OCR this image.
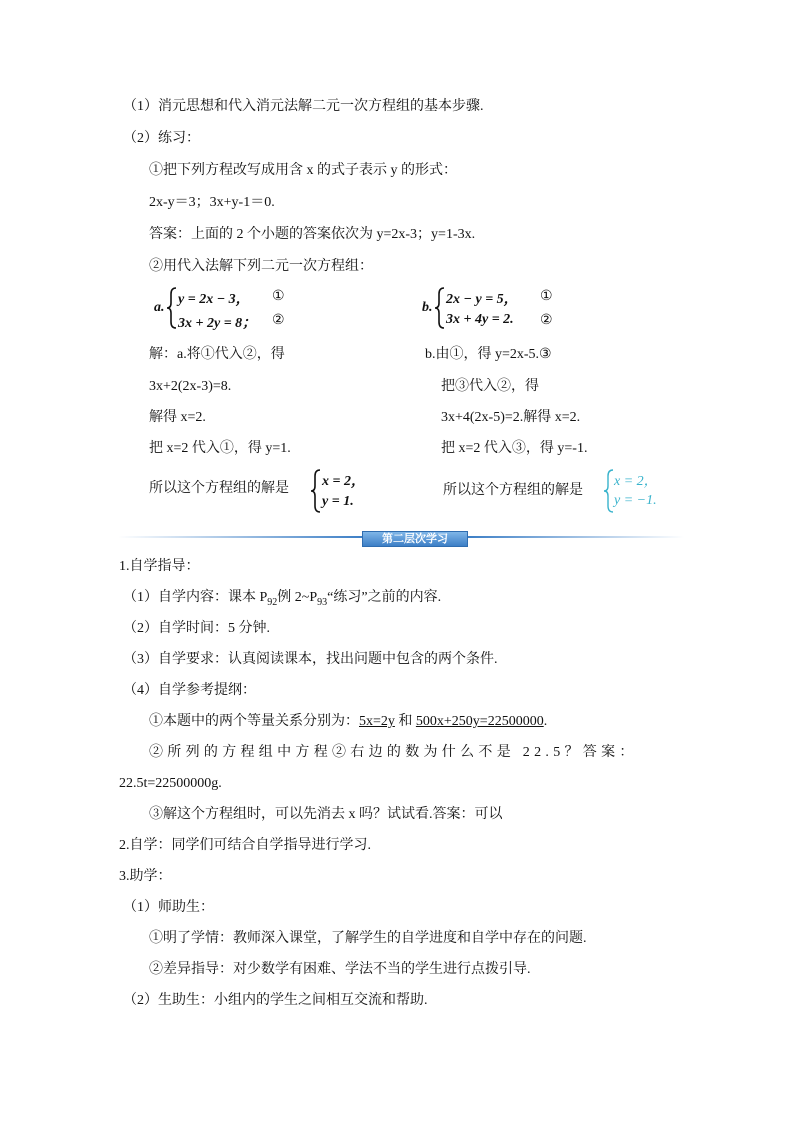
（1）消元思想和代入消元法解二元一次方程组的基本步骤.
（2）练习：
①把下列方程改写成用含 x 的式子表示 y 的形式：
2x-y＝3；3x+y-1＝0.
答案：上面的 2 个小题的答案依次为 y=2x-3；y=1-3x.
②用代入法解下列二元一次方程组：
a.
y = 2x − 3，
3x + 2y = 8；
①
②
b.
2x − y = 5，
3x + 4y = 2.
①
②
解：a.将①代入②，得
3x+2(2x-3)=8.
解得 x=2.
把 x=2 代入①，得 y=1.
所以这个方程组的解是 x = 2，
y = 1.
b.由①，得 y=2x-5.③
把③代入②，得
3x+4(2x-5)=2.解得 x=2.
把 x=2 代入③，得 y=-1.
所以这个方程组的解是
x = 2，
y = −1.
第二层次学习
1.自学指导：
（1）自学内容：课本 $P_{92}$例 $2\sim P_{93}“$练习”之前的内容.
（2）自学时间：5 分钟.
（3）自学要求：认真阅读课本，找出问题中包含的两个条件.
（4）自学参考提纲：
①本题中的两个等量关系分别为：5x=2y 和 500x+250y=22500000.
②所列的方程组中方程②右边的数为什么不是 22.5？答案：
22.5t=22500000g.
③解这个方程组时，可以先消去 x 吗？试试看.答案：可以
2.自学：同学们可结合自学指导进行学习.
3.助学：
（1）师助生：
①明了学情：教师深入课堂，了解学生的自学进度和自学中存在的问题.
②差异指导：对少数学有困难、学法不当的学生进行点拨引导.
（2）生助生：小组内的学生之间相互交流和帮助.
